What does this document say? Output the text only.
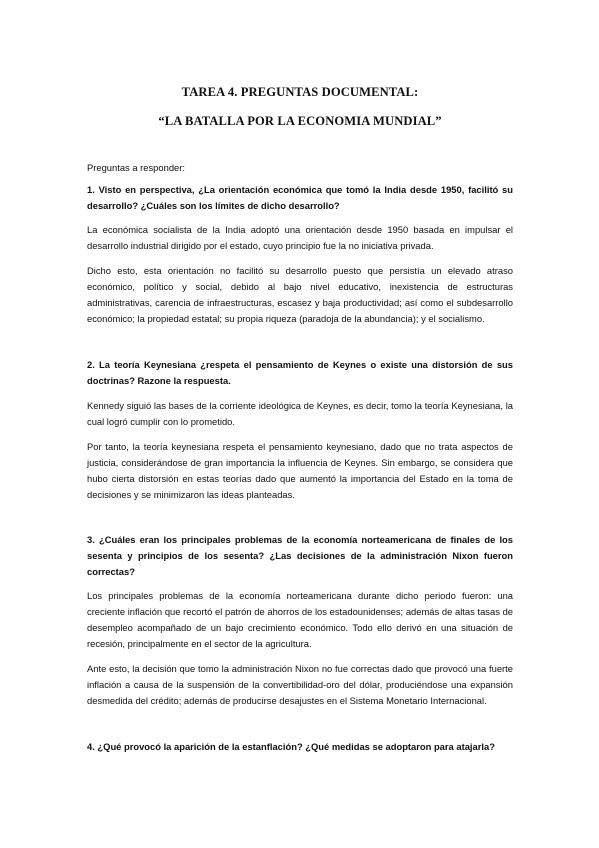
TAREA 4. PREGUNTAS DOCUMENTAL:
“LA BATALLA POR LA ECONOMIA MUNDIAL”

Preguntas a responder:

1. Visto en perspectiva, ¿La orientación económica que tomó la India desde 1950, facilitó su desarrollo? ¿Cuáles son los límites de dicho desarrollo?

La económica socialista de la India adoptó una orientación desde 1950 basada en impulsar el desarrollo industrial dirigido por el estado, cuyo principio fue la no iniciativa privada.

Dicho esto, esta orientación no facilitó su desarrollo puesto que persistía un elevado atraso económico, político y social, debido al bajo nivel educativo, inexistencia de estructuras administrativas, carencia de infraestructuras, escasez y baja productividad; así como el subdesarrollo económico; la propiedad estatal; su propia riqueza (paradoja de la abundancia); y el socialismo.

2. La teoría Keynesiana ¿respeta el pensamiento de Keynes o existe una distorsión de sus doctrinas? Razone la respuesta.

Kennedy siguió las bases de la corriente ideológica de Keynes, es decir, tomo la teoría Keynesiana, la cual logró cumplir con lo prometido.

Por tanto, la teoría keynesiana respeta el pensamiento keynesiano, dado que no trata aspectos de justicia, considerándose de gran importancia la influencia de Keynes. Sin embargo, se considera que hubo cierta distorsión en estas teorías dado que aumentó la importancia del Estado en la toma de decisiones y se minimizaron las ideas planteadas.

3. ¿Cuáles eran los principales problemas de la economía norteamericana de finales de los sesenta y principios de los sesenta? ¿Las decisiones de la administración Nixon fueron correctas?

Los principales problemas de la economía norteamericana durante dicho periodo fueron: una creciente inflación que recortó el patrón de ahorros de los estadounidenses; además de altas tasas de desempleo acompañado de un bajo crecimiento económico. Todo ello derivó en una situación de recesión, principalmente en el sector de la agricultura.

Ante esto, la decisión que tomo la administración Nixon no fue correctas dado que provocó una fuerte inflación a causa de la suspensión de la convertibilidad-oro del dólar, produciéndose una expansión desmedida del crédito; además de producirse desajustes en el Sistema Monetario Internacional.

4. ¿Qué provocó la aparición de la estanflación? ¿Qué medidas se adoptaron para atajarla?
